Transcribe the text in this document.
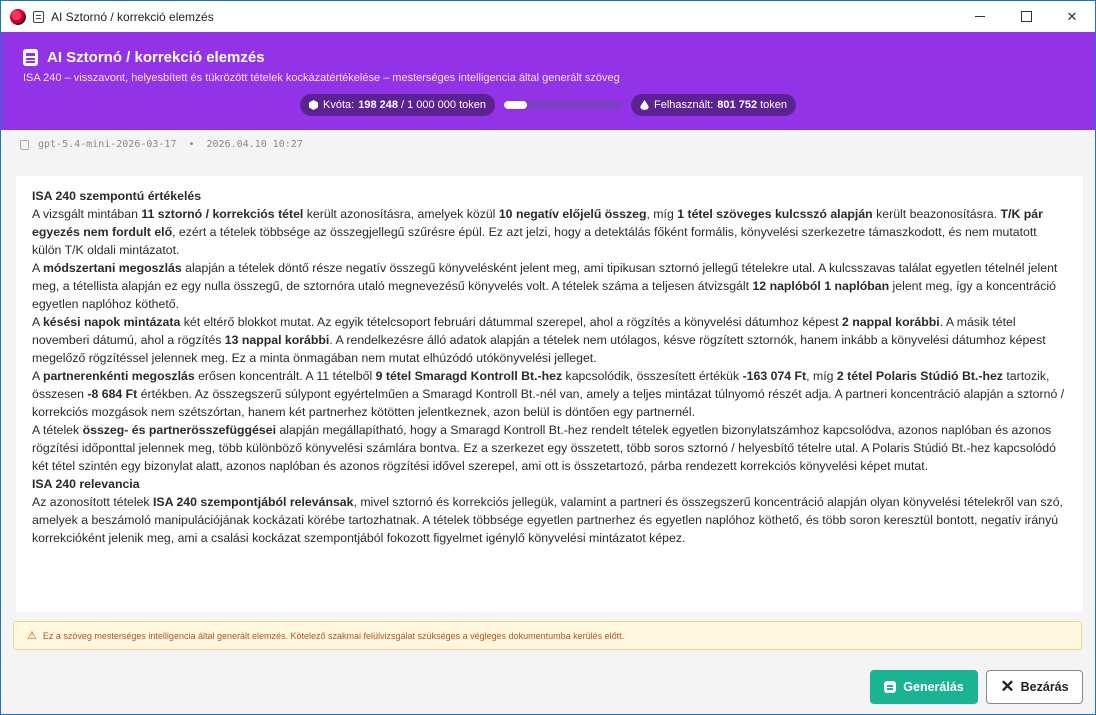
AI Sztornó / korrekció elemzés	✕
AI Sztornó / korrekció elemzés
ISA 240 – visszavont, helyesbített és tükrözött tételek kockázatértékelése – mesterséges intelligencia által generált szöveg
Kvóta: 198 248 / 1 000 000 token	Felhasznált: 801 752 token
gpt-5.4-mini-2026-03-17 • 2026.04.10 10:27
ISA 240 szempontú értékelés

A vizsgált mintában 11 sztornó / korrekciós tétel került azonosításra, amelyek közül 10 negatív előjelű összeg, míg 1 tétel szöveges kulcsszó alapján került beazonosításra. T/K pár egyezés nem fordult elő, ezért a tételek többsége az összegjellegű szűrésre épül. Ez azt jelzi, hogy a detektálás főként formális, könyvelési szerkezetre támaszkodott, és nem mutatott külön T/K oldali mintázatot.

A módszertani megoszlás alapján a tételek döntő része negatív összegű könyvelésként jelent meg, ami tipikusan sztornó jellegű tételekre utal. A kulcsszavas találat egyetlen tételnél jelent meg, a tétellista alapján ez egy nulla összegű, de sztornóra utaló megnevezésű könyvelés volt. A tételek száma a teljesen átvizsgált 12 naplóból 1 naplóban jelent meg, így a koncentráció egyetlen naplóhoz köthető.

A késési napok mintázata két eltérő blokkot mutat. Az egyik tételcsoport februári dátummal szerepel, ahol a rögzítés a könyvelési dátumhoz képest 2 nappal korábbi. A másik tétel novemberi dátumú, ahol a rögzítés 13 nappal korábbi. A rendelkezésre álló adatok alapján a tételek nem utólagos, késve rögzített sztornók, hanem inkább a könyvelési dátumhoz képest megelőző rögzítéssel jelennek meg. Ez a minta önmagában nem mutat elhúzódó utókönyvelési jelleget.

A partnerenkénti megoszlás erősen koncentrált. A 11 tételből 9 tétel Smaragd Kontroll Bt.-hez kapcsolódik, összesített értékük -163 074 Ft, míg 2 tétel Polaris Stúdió Bt.-hez tartozik, összesen -8 684 Ft értékben. Az összegszerű súlypont egyértelműen a Smaragd Kontroll Bt.-nél van, amely a teljes mintázat túlnyomó részét adja. A partneri koncentráció alapján a sztornó / korrekciós mozgások nem szétszórtan, hanem két partnerhez kötötten jelentkeznek, azon belül is döntően egy partnernél.

A tételek összeg- és partnerösszefüggései alapján megállapítható, hogy a Smaragd Kontroll Bt.-hez rendelt tételek egyetlen bizonylatszámhoz kapcsolódva, azonos naplóban és azonos rögzítési időponttal jelennek meg, több különböző könyvelési számlára bontva. Ez a szerkezet egy összetett, több soros sztornó / helyesbítő tételre utal. A Polaris Stúdió Bt.-hez kapcsolódó két tétel szintén egy bizonylat alatt, azonos naplóban és azonos rögzítési idővel szerepel, ami ott is összetartozó, párba rendezett korrekciós könyvelési képet mutat.

ISA 240 relevancia

Az azonosított tételek ISA 240 szempontjából relevánsak, mivel sztornó és korrekciós jellegük, valamint a partneri és összegszerű koncentráció alapján olyan könyvelési tételekről van szó, amelyek a beszámoló manipulációjának kockázati körébe tartozhatnak. A tételek többsége egyetlen partnerhez és egyetlen naplóhoz köthető, és több soron keresztül bontott, negatív irányú korrekcióként jelenik meg, ami a csalási kockázat szempontjából fokozott figyelmet igénylő könyvelési mintázatot képez.

⚠ Ez a szöveg mesterséges intelligencia által generált elemzés. Kötelező szakmai felülvizsgálat szükséges a végleges dokumentumba kerülés előtt.
Generálás ✕ Bezárás
